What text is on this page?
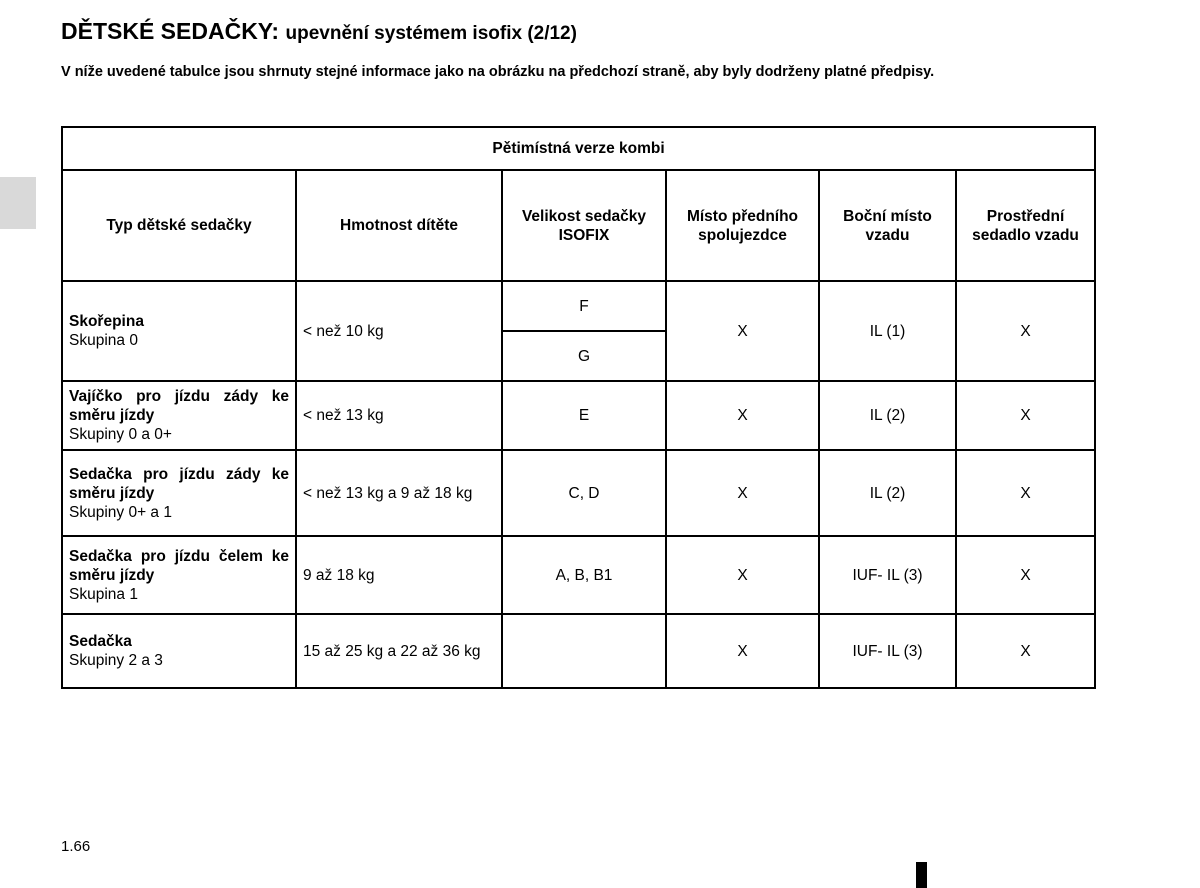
DĚTSKÉ SEDAČKY: upevnění systémem isofix (2/12)

V níže uvedené tabulce jsou shrnuty stejné informace jako na obrázku na předchozí straně, aby byly dodrženy platné předpisy.

Pětimístná verze kombi					
Typ dětské sedačky	Hmotnost dítěte	Velikost sedačky ISOFIX	Místo předního spolujezdce	Boční místo vzadu	Prostřední sedadlo vzadu

Skořepina
Skupina 0	< než 10 kg	F	X	IL (1)	X
		G			

Vajíčko pro jízdu zády ke směru jízdy
Skupiny 0 a 0+	< než 13 kg	E	X	IL (2)	X

Sedačka pro jízdu zády ke směru jízdy
Skupiny 0+ a 1	< než 13 kg a 9 až 18 kg	C, D	X	IL (2)	X

Sedačka pro jízdu čelem ke směru jízdy
Skupina 1	9 až 18 kg	A, B, B1	X	IUF- IL (3)	X

Sedačka
Skupiny 2 a 3	15 až 25 kg a 22 až 36 kg		X	IUF- IL (3)	X
1.66
